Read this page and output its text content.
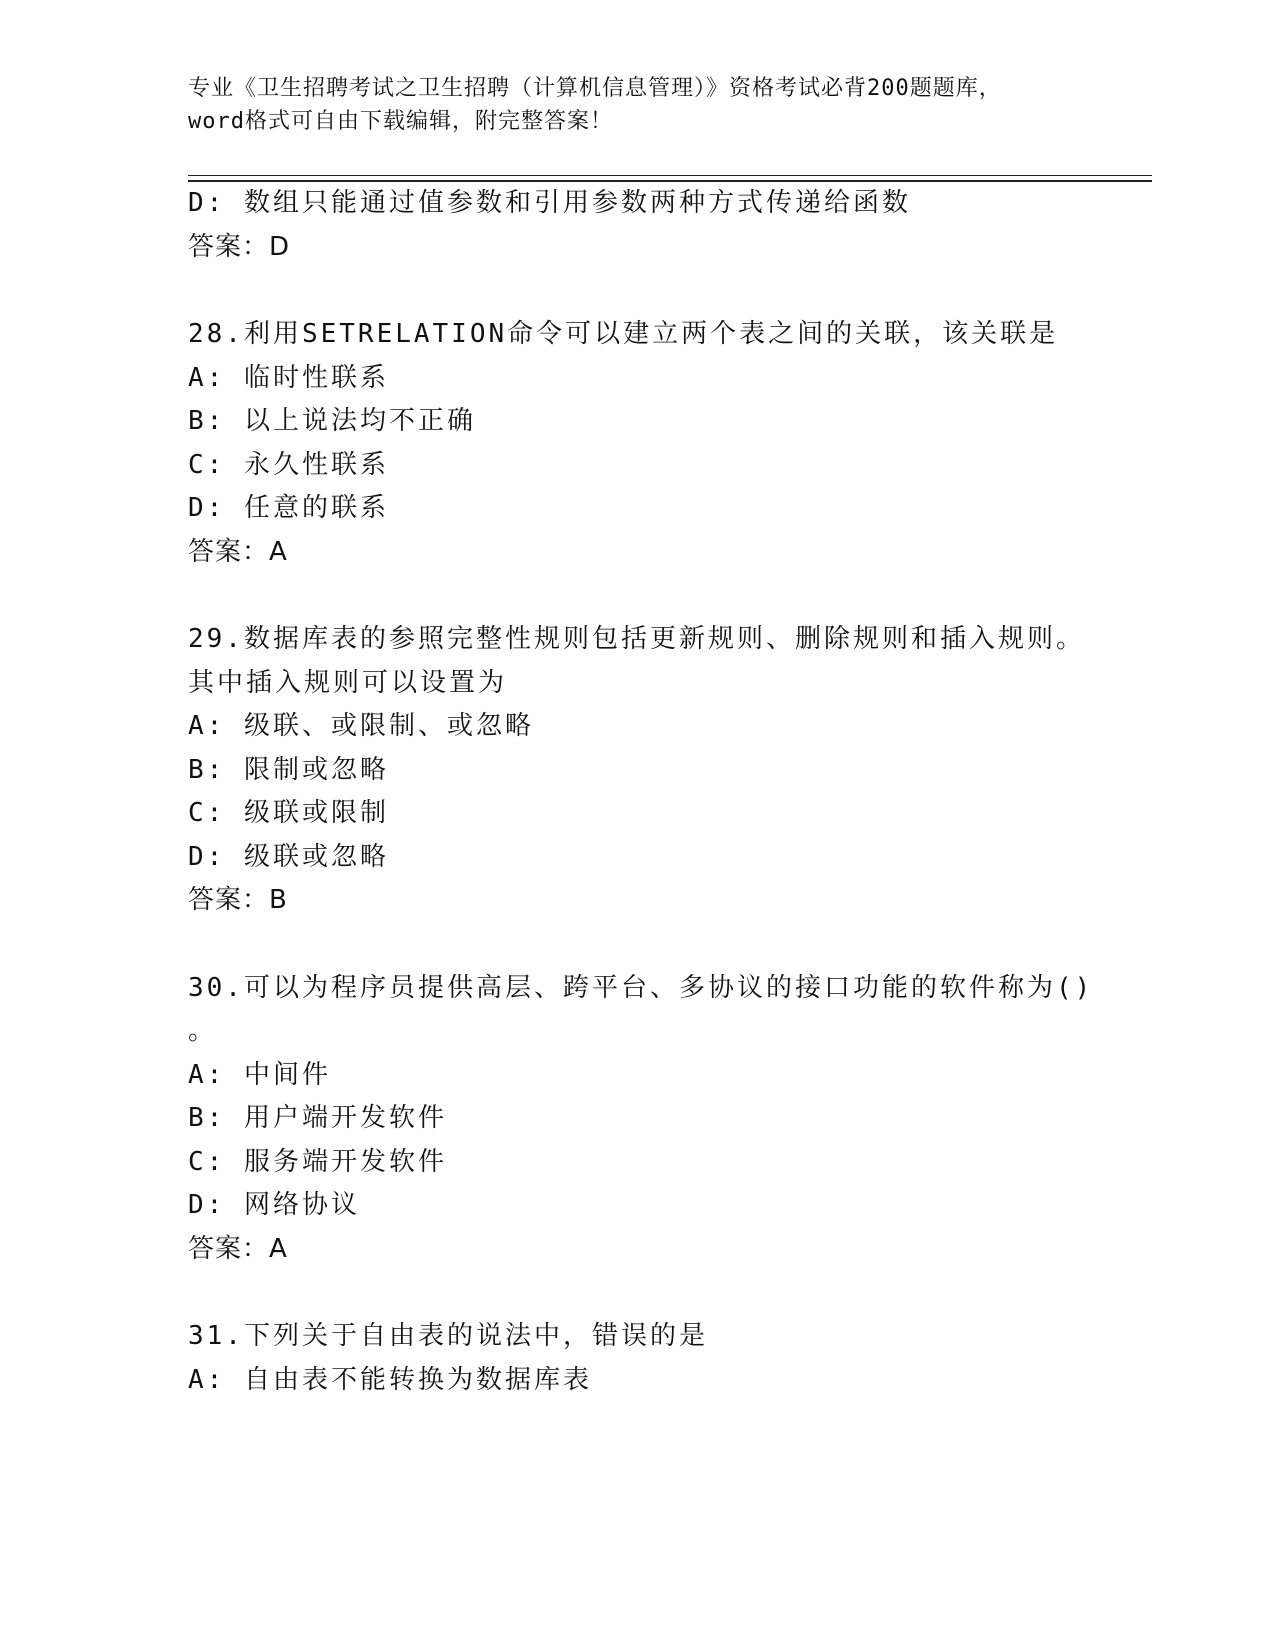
专业《卫生招聘考试之卫生招聘（计算机信息管理）》资格考试必背200题题库，
word格式可自由下载编辑，附完整答案！
D: 数组只能通过值参数和引用参数两种方式传递给函数
答案：D
28.利用SETRELATION命令可以建立两个表之间的关联，该关联是
A: 临时性联系
B: 以上说法均不正确
C: 永久性联系
D: 任意的联系
答案：A
29.数据库表的参照完整性规则包括更新规则、删除规则和插入规则。
其中插入规则可以设置为
A: 级联、或限制、或忽略
B: 限制或忽略
C: 级联或限制
D: 级联或忽略
答案：B
30.可以为程序员提供高层、跨平台、多协议的接口功能的软件称为()
。
A: 中间件
B: 用户端开发软件
C: 服务端开发软件
D: 网络协议
答案：A
31.下列关于自由表的说法中，错误的是
A: 自由表不能转换为数据库表
